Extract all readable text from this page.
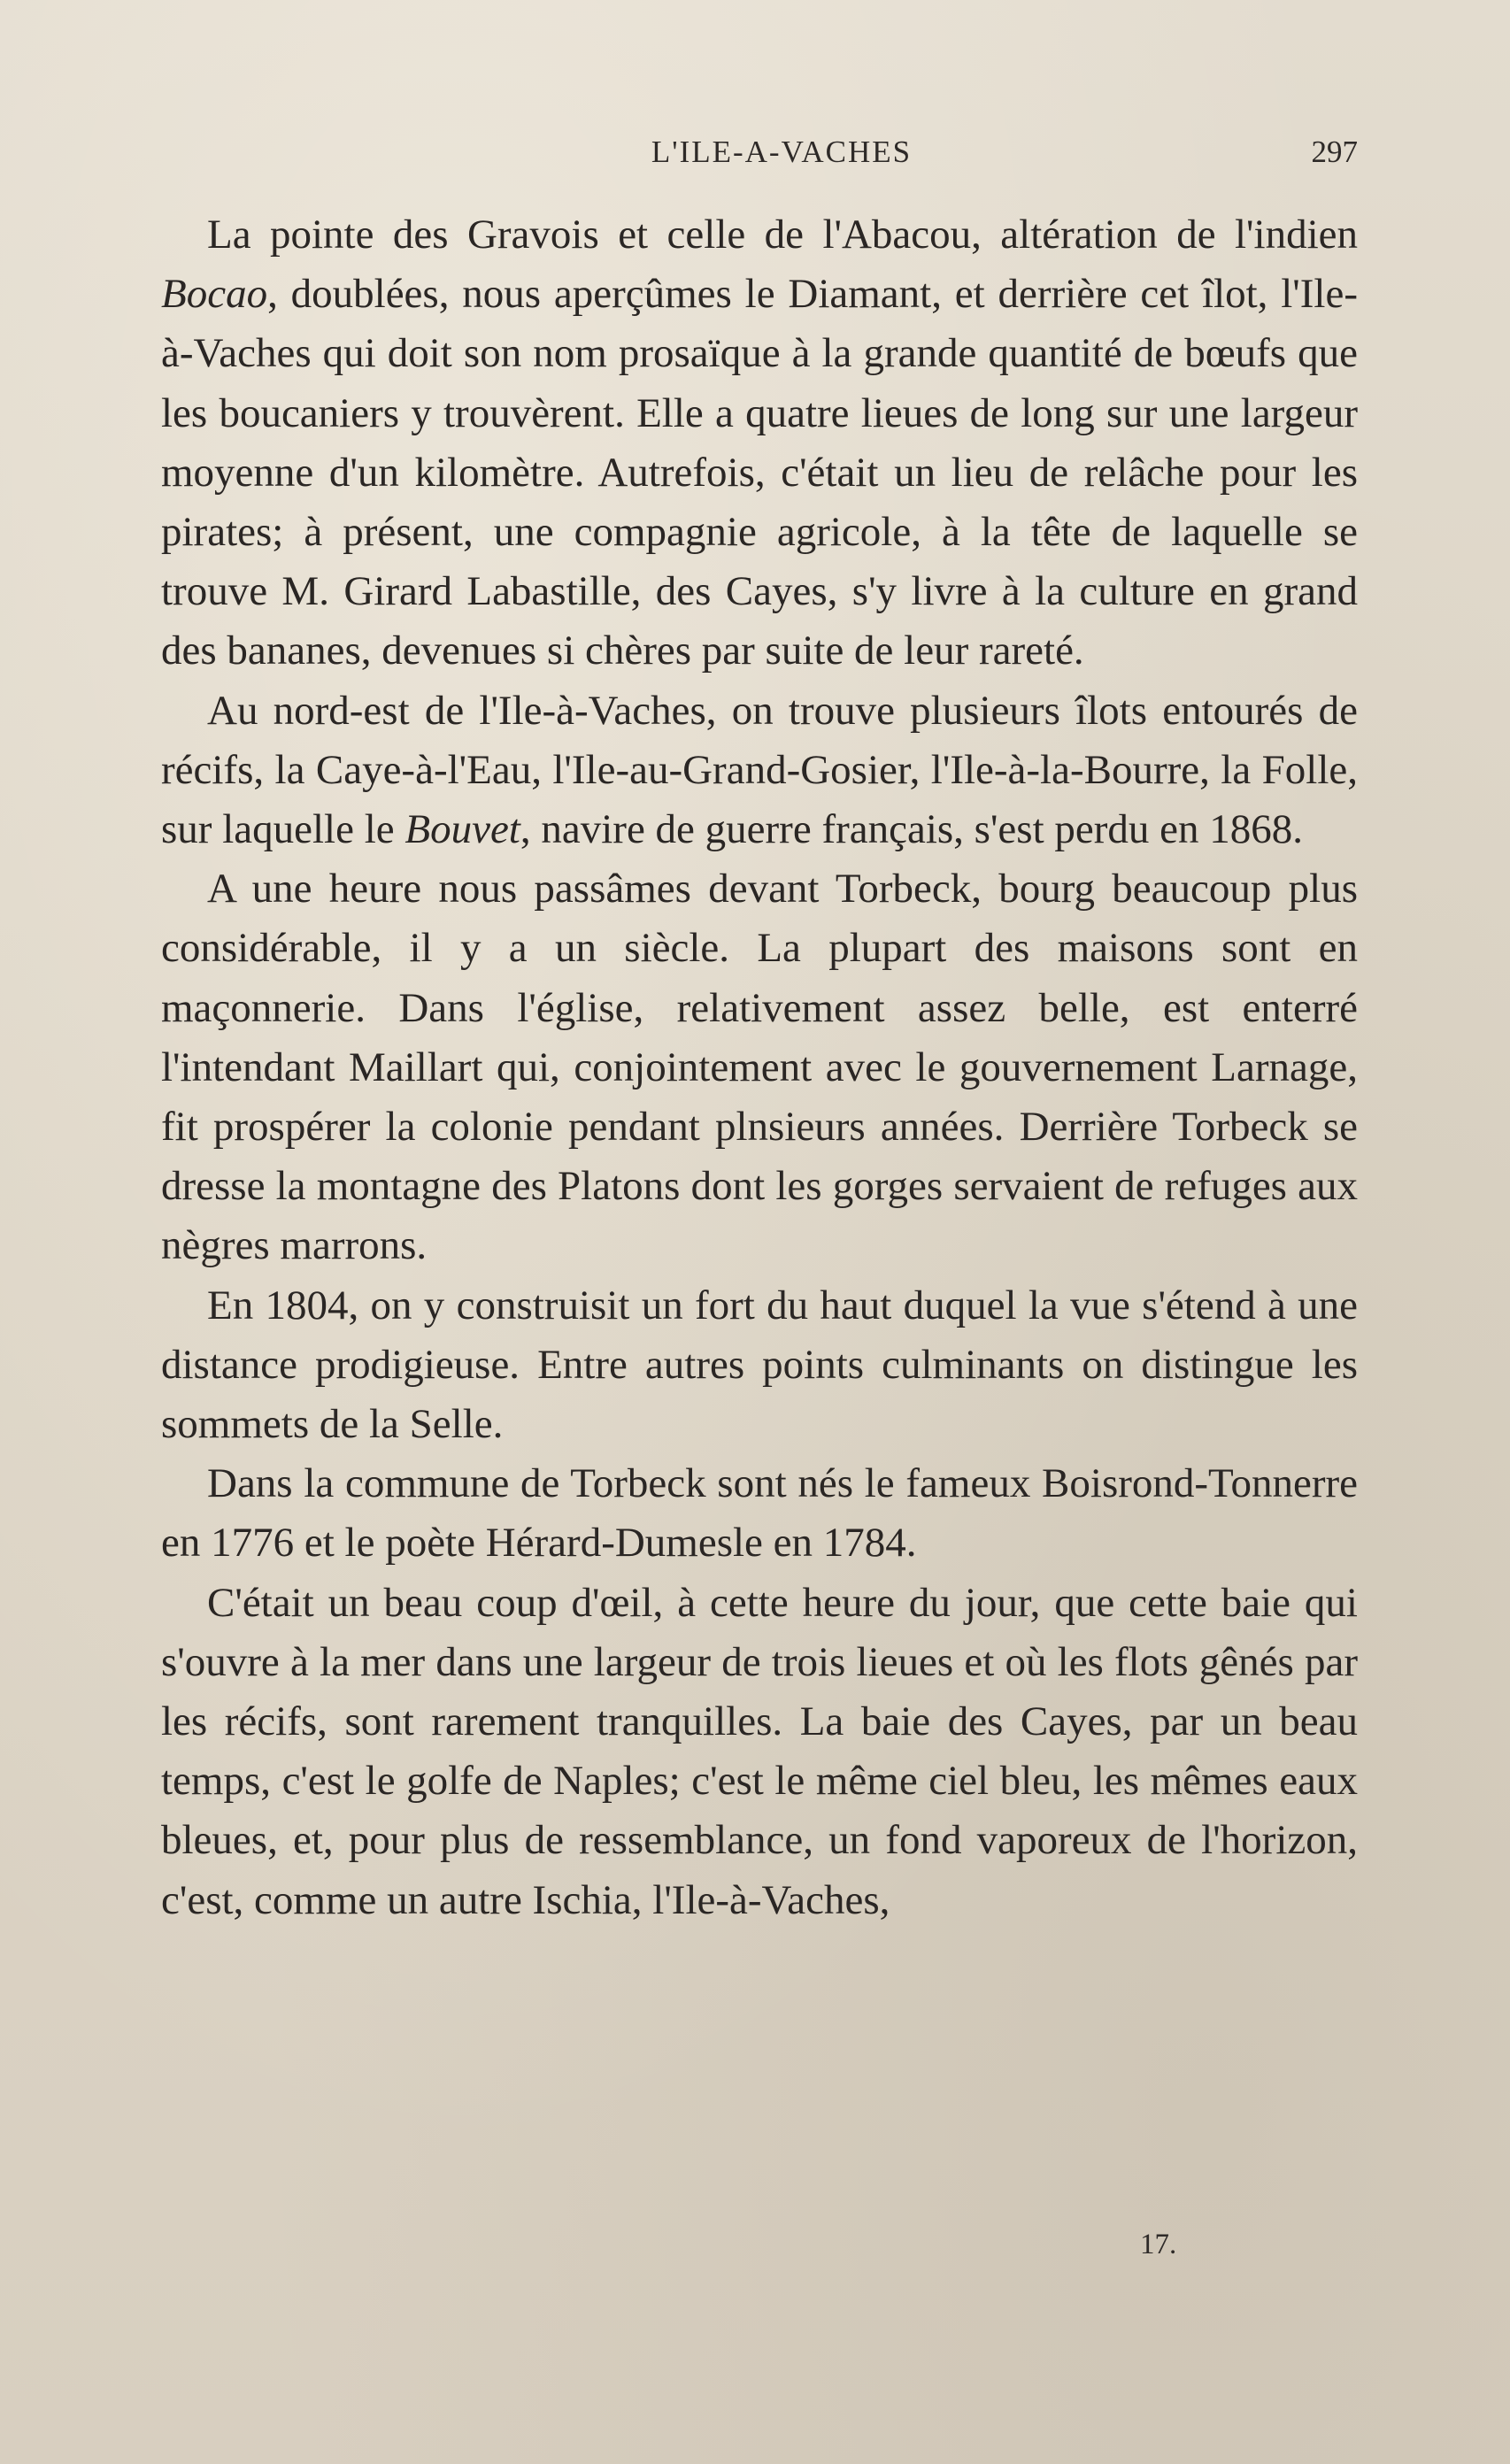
L'ILE-A-VACHES	297

La pointe des Gravois et celle de l'Abacou, altération de l'indien Bocao, doublées, nous aperçûmes le Diamant, et derrière cet îlot, l'Ile-à-Vaches qui doit son nom prosaïque à la grande quantité de bœufs que les boucaniers y trouvèrent. Elle a quatre lieues de long sur une largeur moyenne d'un kilomètre. Autrefois, c'était un lieu de relâche pour les pirates; à présent, une compagnie agricole, à la tête de laquelle se trouve M. Girard Labastille, des Cayes, s'y livre à la culture en grand des bananes, devenues si chères par suite de leur rareté.

Au nord-est de l'Ile-à-Vaches, on trouve plusieurs îlots entourés de récifs, la Caye-à-l'Eau, l'Ile-au-Grand-Gosier, l'Ile-à-la-Bourre, la Folle, sur laquelle le Bouvet, navire de guerre français, s'est perdu en 1868.

A une heure nous passâmes devant Torbeck, bourg beaucoup plus considérable, il y a un siècle. La plupart des maisons sont en maçonnerie. Dans l'église, relativement assez belle, est enterré l'intendant Maillart qui, conjointement avec le gouvernement Larnage, fit prospérer la colonie pendant plnsieurs années. Derrière Torbeck se dresse la montagne des Platons dont les gorges servaient de refuges aux nègres marrons.

En 1804, on y construisit un fort du haut duquel la vue s'étend à une distance prodigieuse. Entre autres points culminants on distingue les sommets de la Selle.

Dans la commune de Torbeck sont nés le fameux Boisrond-Tonnerre en 1776 et le poète Hérard-Dumesle en 1784.

C'était un beau coup d'œil, à cette heure du jour, que cette baie qui s'ouvre à la mer dans une largeur de trois lieues et où les flots gênés par les récifs, sont rarement tranquilles. La baie des Cayes, par un beau temps, c'est le golfe de Naples; c'est le même ciel bleu, les mêmes eaux bleues, et, pour plus de ressemblance, un fond vaporeux de l'horizon, c'est, comme un autre Ischia, l'Ile-à-Vaches,

17.
